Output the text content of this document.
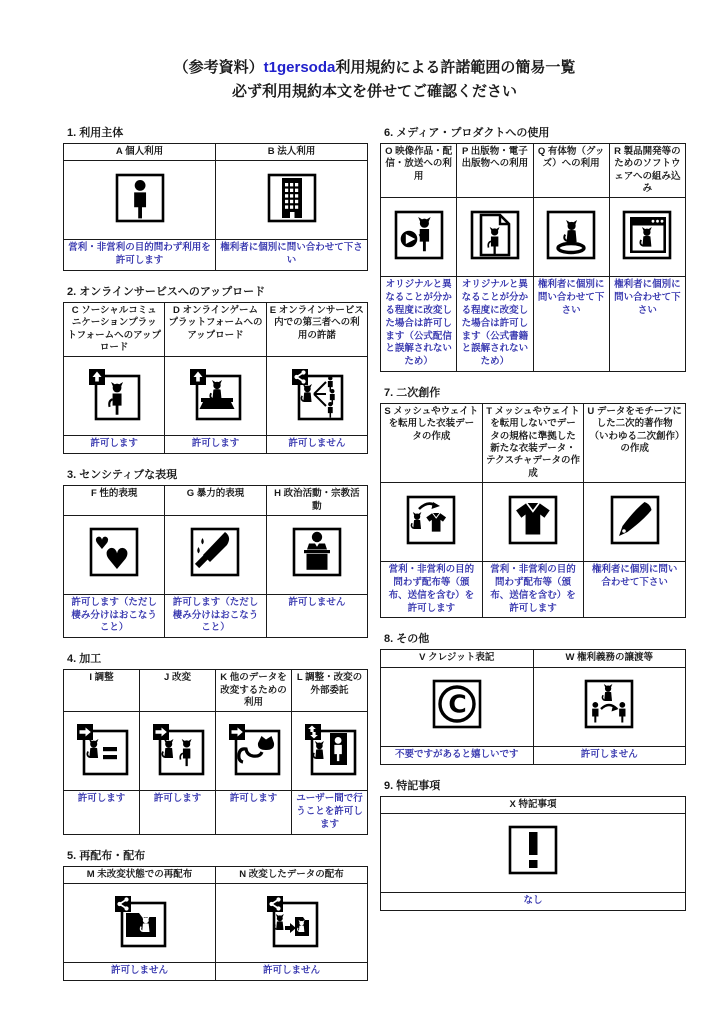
（参考資料）t1gersoda利用規約による許諾範囲の簡易一覧
必ず利用規約本文を併せてご確認ください
1. 利用主体
A 個人利用	B 法人利用

営利・非営利の目的問わず利用を許可します	権利者に個別に問い合わせて下さい
2. オンラインサービスへのアップロード
C ソーシャルコミュニケーションプラットフォームへのアップロード	D オンラインゲームプラットフォームへのアップロード	E オンラインサービス内での第三者への利用の許諾

許可します	許可します	許可しません
3. センシティブな表現
F 性的表現	G 暴力的表現	H 政治活動・宗教活動

♥
♥

許可します（ただし棲み分けはおこなうこと）	許可します（ただし棲み分けはおこなうこと）	許可しません
4. 加工
I 調整	J 改変	K 他のデータを改変するための利用	L 調整・改変の外部委託

許可します	許可します	許可します	ユーザー間で行うことを許可します
5. 再配布・配布
M 未改変状態での再配布	N 改変したデータの配布

許可しません	許可しません
6. メディア・プロダクトへの使用
O 映像作品・配信・放送への利用	P 出版物・電子出版物への利用	Q 有体物（グッズ）への利用	R 製品開発等のためのソフトウェアへの組み込み

オリジナルと異なることが分かる程度に改変した場合は許可します（公式配信と誤解されないため）	オリジナルと異なることが分かる程度に改変した場合は許可します（公式書籍と誤解されないため）	権利者に個別に問い合わせて下さい	権利者に個別に問い合わせて下さい
7. 二次創作
S メッシュやウェイトを転用した衣装データの作成	T メッシュやウェイトを転用しないでデータの規格に準拠した新たな衣装データ・テクスチャデータの作成	U データをモチーフにした二次的著作物（いわゆる二次創作）の作成

営利・非営利の目的問わず配布等（頒布、送信を含む）を許可します	営利・非営利の目的問わず配布等（頒布、送信を含む）を許可します	権利者に個別に問い合わせて下さい
8. その他
V クレジット表記	W 権利義務の譲渡等

C

不要ですがあると嬉しいです	許可しません
9. 特記事項
X 特記事項

なし
